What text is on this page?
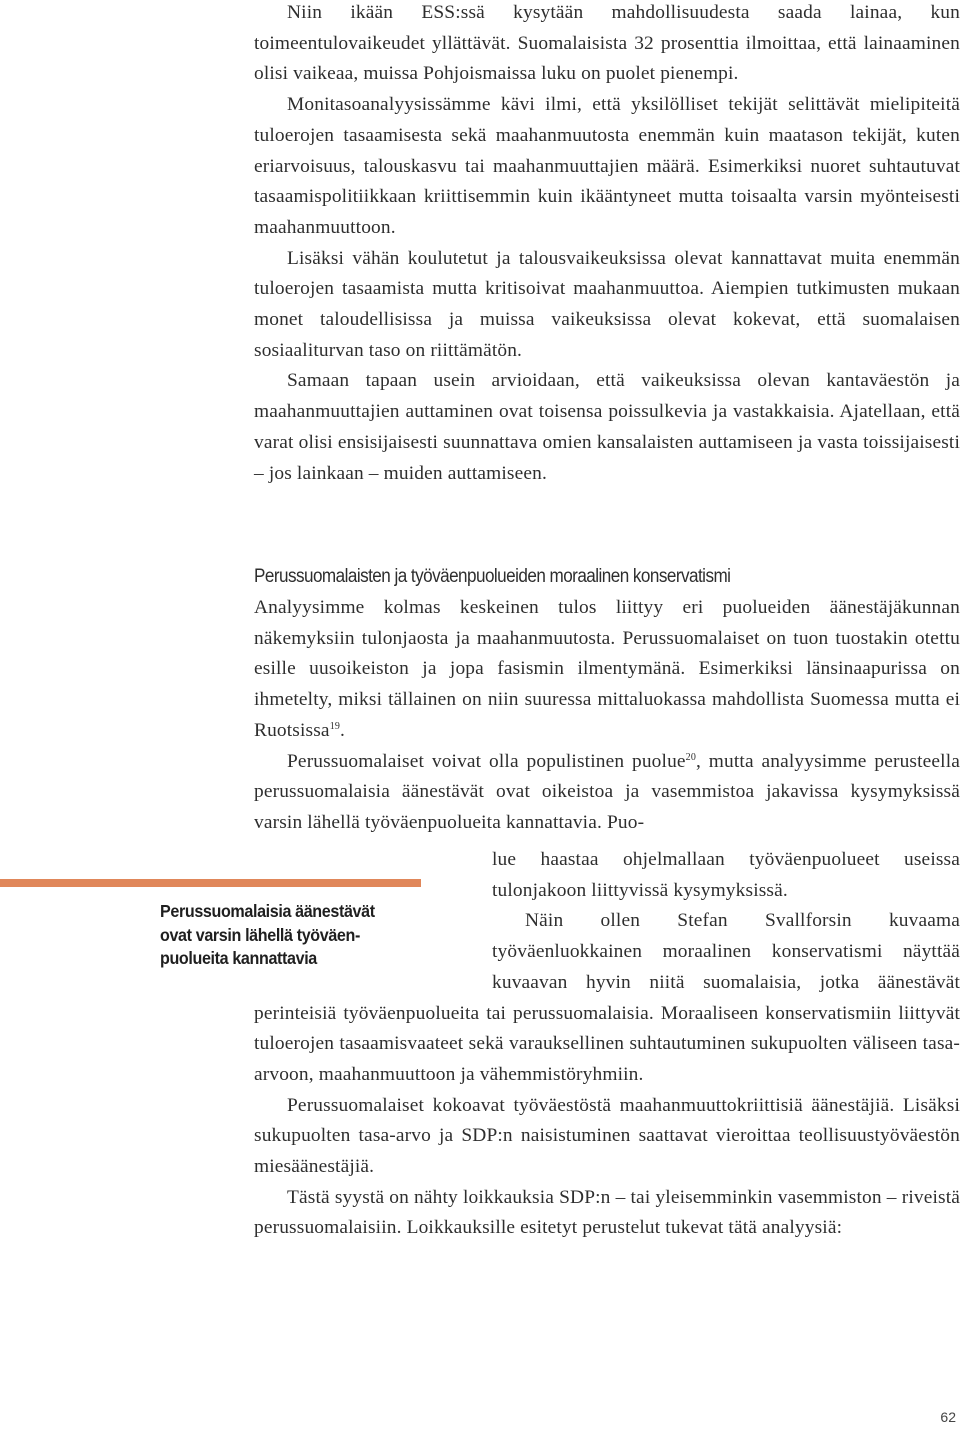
Niin ikään ESS:ssä kysytään mahdollisuudesta saada lainaa, kun toimeentulovaikeudet yllättävät. Suomalaisista 32 prosenttia ilmoittaa, että lainaaminen olisi vaikeaa, muissa Pohjoismaissa luku on puolet pienempi.

Monitasoanalyysissämme kävi ilmi, että yksilölliset tekijät selittävät mielipiteitä tuloerojen tasaamisesta sekä maahanmuutosta enemmän kuin maatason tekijät, kuten eriarvoisuus, talouskasvu tai maahanmuuttajien määrä. Esimerkiksi nuoret suhtautuvat tasaamispolitiikkaan kriittisemmin kuin ikääntyneet mutta toisaalta varsin myönteisesti maahanmuuttoon.

Lisäksi vähän koulutetut ja talousvaikeuksissa olevat kannattavat muita enemmän tuloerojen tasaamista mutta kritisoivat maahanmuuttoa. Aiempien tutkimusten mukaan monet taloudellisissa ja muissa vaikeuksissa olevat kokevat, että suomalaisen sosiaaliturvan taso on riittämätön.

Samaan tapaan usein arvioidaan, että vaikeuksissa olevan kantaväestön ja maahanmuuttajien auttaminen ovat toisensa poissulkevia ja vastakkaisia. Ajatellaan, että varat olisi ensisijaisesti suunnattava omien kansalaisten auttamiseen ja vasta toissijaisesti – jos lainkaan – muiden auttamiseen.

Perussuomalaisten ja työväenpuolueiden moraalinen konservatismi

Analyysimme kolmas keskeinen tulos liittyy eri puolueiden äänestäjäkunnan näkemyksiin tulonjaosta ja maahanmuutosta. Perussuomalaiset on tuon tuostakin otettu esille uusoikeiston ja jopa fasismin ilmentymänä. Esimerkiksi länsinaapurissa on ihmetelty, miksi tällainen on niin suuressa mittaluokassa mahdollista Suomessa mutta ei Ruotsissa$^{19}$.

Perussuomalaiset voivat olla populistinen puolue$^{20}$, mutta analyysimme perusteella perussuomalaisia äänestävät ovat oikeistoa ja vasemmistoa jakavissa kysymyksissä varsin lähellä työväenpuolueita kannattavia. Puo-

lue haastaa ohjelmallaan työväenpuolueet useissa tulonjakoon liittyvissä kysymyksissä.

Näin ollen Stefan Svallforsin kuvaama työväenluokkainen moraalinen konservatismi näyttää kuvaavan hyvin niitä suomalaisia, jotka äänestävät perinteisiä työväenpuolueita tai perussuomalaisia. Moraaliseen konservatismiin liittyvät tuloerojen tasaamisvaateet sekä varauksellinen suhtautuminen sukupuolten väliseen tasa-arvoon, maahanmuuttoon ja vähemmistöryhmiin.

Perussuomalaiset kokoavat työväestöstä maahanmuuttokriittisiä äänestäjiä. Lisäksi sukupuolten tasa-arvo ja SDP:n naisistuminen saattavat vieroittaa teollisuustyöväestön miesäänestäjiä.

Tästä syystä on nähty loikkauksia SDP:n – tai yleisemminkin vasemmiston – riveistä perussuomalaisiin. Loikkauksille esitetyt perustelut tukevat tätä analyysiä:

Perussuomalaisia äänestävät
ovat varsin lähellä työväen-
puolueita kannattavia
62
